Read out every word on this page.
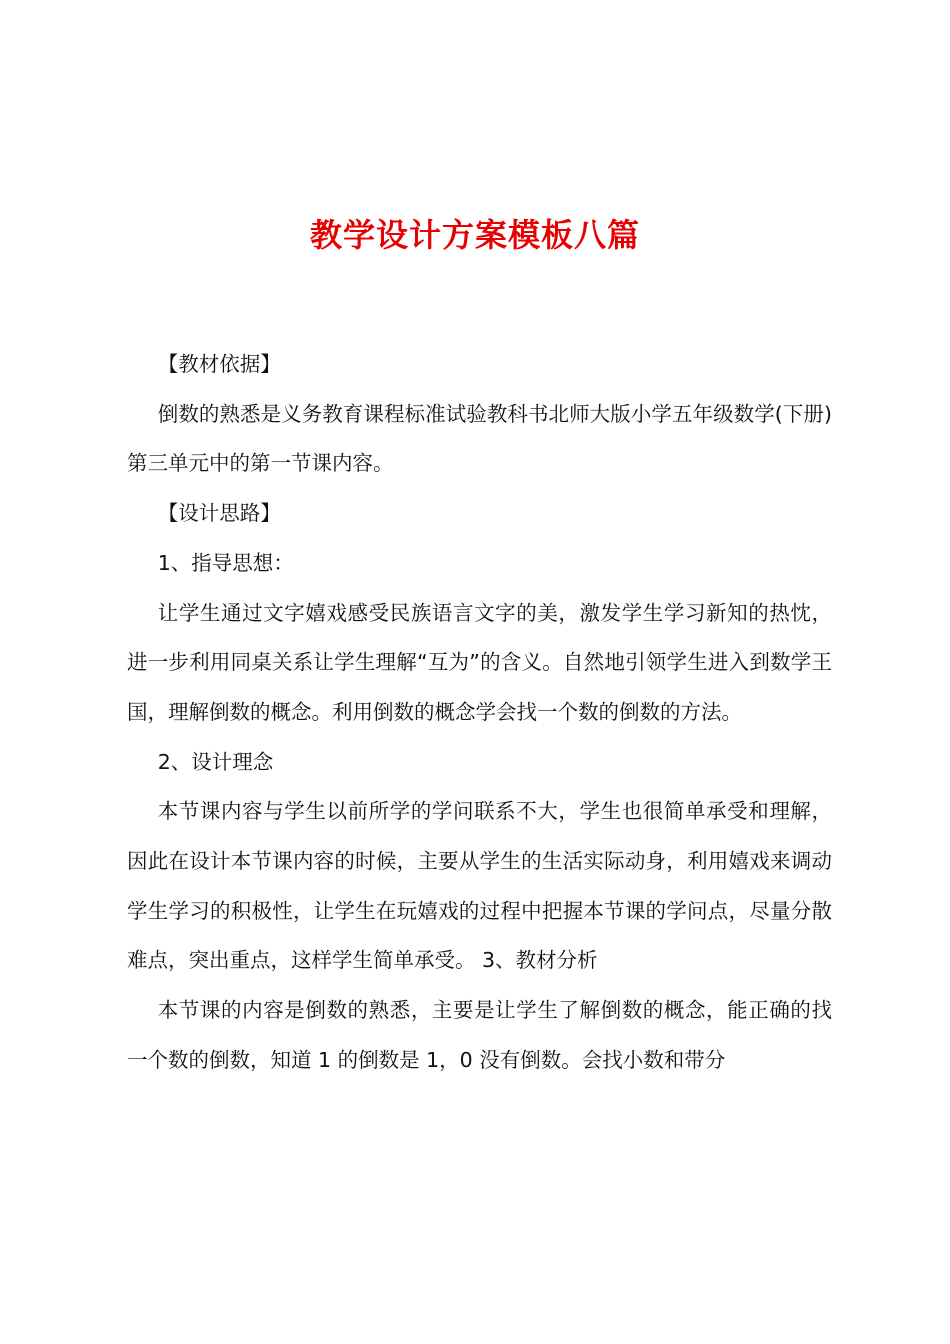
教学设计方案模板八篇

【教材依据】

倒数的熟悉是义务教育课程标准试验教科书北师大版小学五年级数学(下册)第三单元中的第一节课内容。

【设计思路】

1、指导思想：

让学生通过文字嬉戏感受民族语言文字的美，激发学生学习新知的热忱，进一步利用同桌关系让学生理解“互为”的含义。自然地引领学生进入到数学王国，理解倒数的概念。利用倒数的概念学会找一个数的倒数的方法。

2、设计理念

本节课内容与学生以前所学的学问联系不大，学生也很简单承受和理解，因此在设计本节课内容的时候，主要从学生的生活实际动身，利用嬉戏来调动学生学习的积极性，让学生在玩嬉戏的过程中把握本节课的学问点，尽量分散难点，突出重点，这样学生简单承受。 3、教材分析

本节课的内容是倒数的熟悉，主要是让学生了解倒数的概念，能正确的找一个数的倒数，知道 1 的倒数是 1，0 没有倒数。会找小数和带分
